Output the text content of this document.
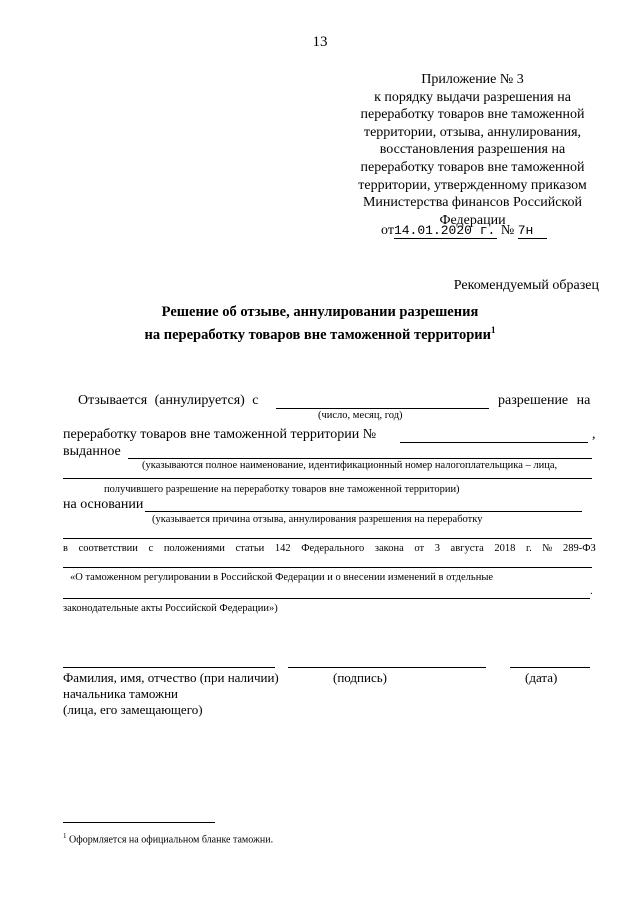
13
Приложение № 3
к порядку выдачи разрешения на
переработку товаров вне таможенной
территории, отзыва, аннулирования,
восстановления разрешения на
переработку товаров вне таможенной
территории, утвержденному приказом
Министерства финансов Российской
Федерации
от14.01.2020 г. № 7н
Рекомендуемый образец
Решение об отзыве, аннулировании разрешения
на переработку товаров вне таможенной территории$^1$
Отзывается (аннулируется) с	разрешение на
(число, месяц, год)
переработку товаров вне таможенной территории №	,
выданное
(указываются полное наименование, идентификационный номер налогоплательщика – лица,
получившего разрешение на переработку товаров вне таможенной территории)
на основании
(указывается причина отзыва, аннулирования разрешения на переработку
в соответствии с положениями статьи 142 Федерального закона от 3 августа 2018 г. № 289-ФЗ
«О таможенном регулировании в Российской Федерации и о внесении изменений в отдельные
.
законодательные акты Российской Федерации»)
Фамилия, имя, отчество (при наличии)
начальника таможни
(лица, его замещающего)
(подпись)	(дата)
$^1$ Оформляется на официальном бланке таможни.
